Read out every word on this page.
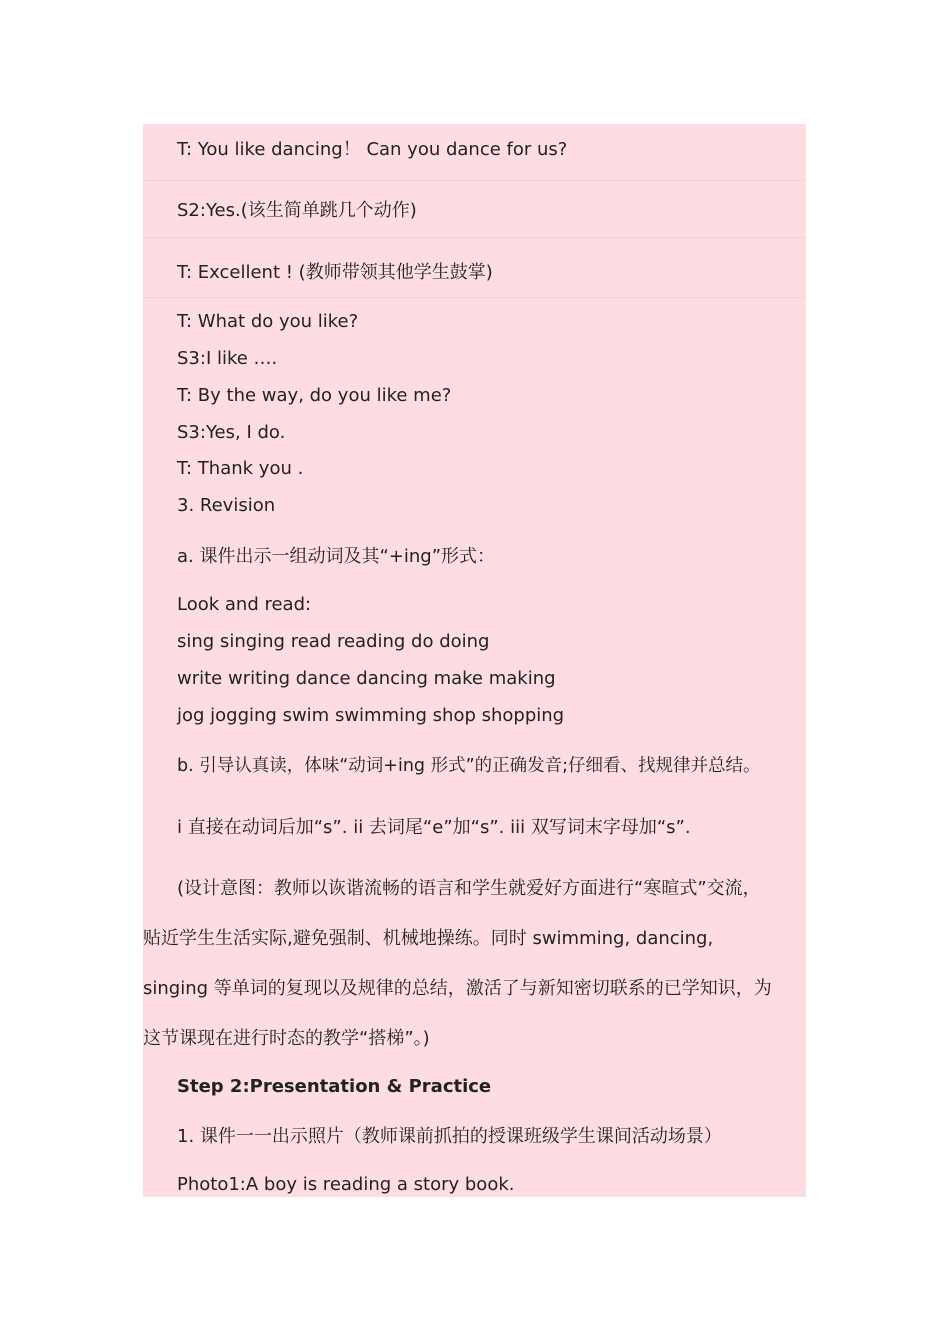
T: You like dancing！ Can you dance for us?
S2:Yes.(该生简单跳几个动作)
T: Excellent ! (教师带领其他学生鼓掌)
T: What do you like?
S3:I like ….
T: By the way, do you like me?
S3:Yes, I do.
T: Thank you .
3. Revision
a. 课件出示一组动词及其“+ing”形式：
Look and read:
sing singing read reading do doing
write writing dance dancing make making
jog jogging swim swimming shop shopping
b. 引导认真读，体味“动词+ing 形式”的正确发音;仔细看、找规律并总结。
i 直接在动词后加“s”. ii 去词尾“e”加“s”. iii 双写词末字母加“s”.
(设计意图：教师以诙谐流畅的语言和学生就爱好方面进行“寒暄式”交流，
贴近学生生活实际,避免强制、机械地操练。同时 swimming, dancing,
singing 等单词的复现以及规律的总结，激活了与新知密切联系的已学知识，为
这节课现在进行时态的教学“搭梯”。)
Step 2:Presentation & Practice
1. 课件一一出示照片（教师课前抓拍的授课班级学生课间活动场景）
Photo1:A boy is reading a story book.
